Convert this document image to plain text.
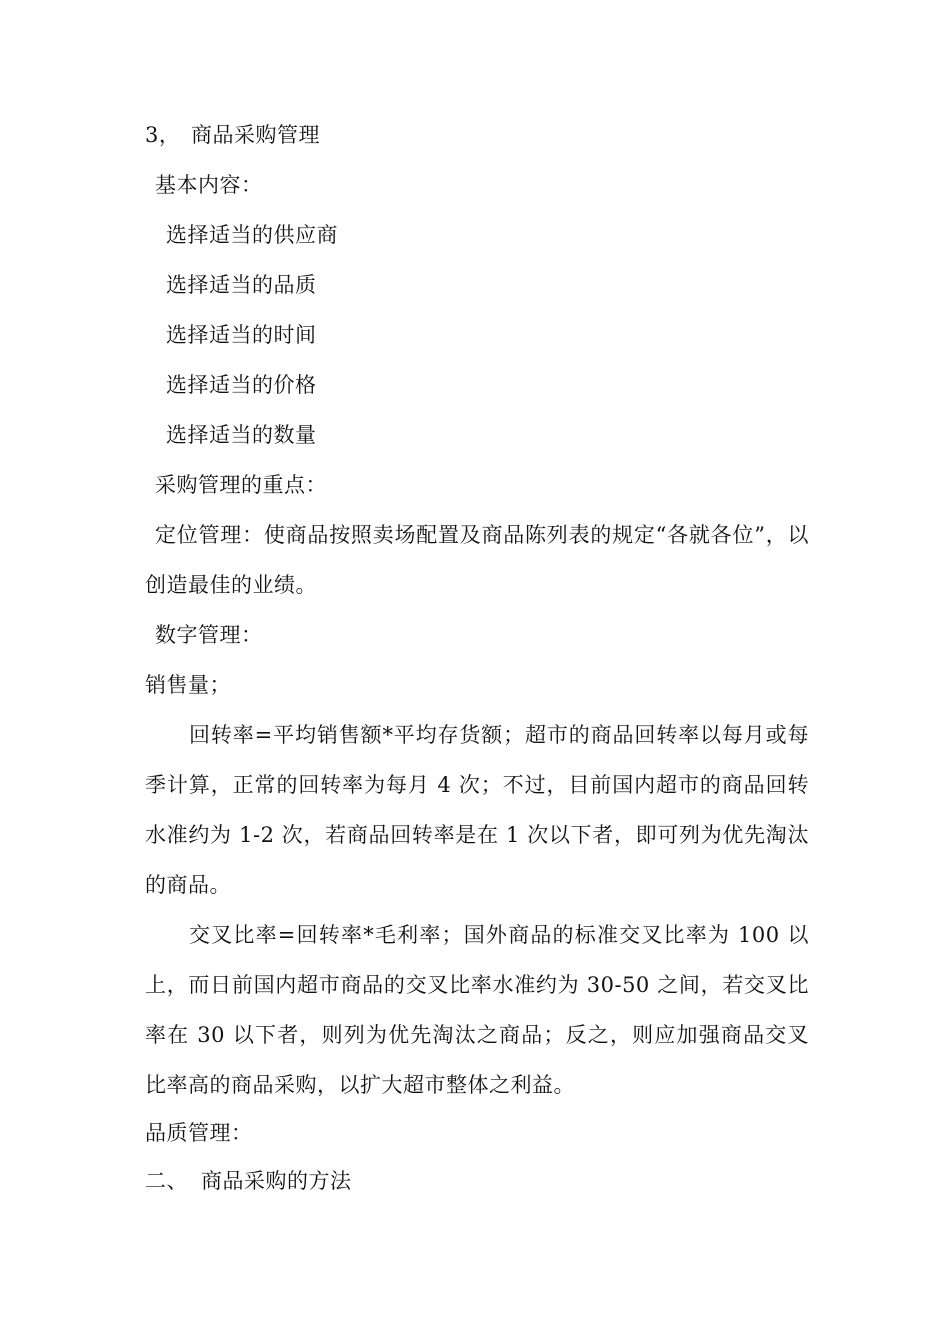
3， 商品采购管理
基本内容：
选择适当的供应商
选择适当的品质
选择适当的时间
选择适当的价格
选择适当的数量
采购管理的重点：
定位管理：使商品按照卖场配置及商品陈列表的规定“各就各位”，以创造最佳的业绩。
数字管理：
销售量；
回转率=平均销售额*平均存货额；超市的商品回转率以每月或每季计算，正常的回转率为每月 4 次；不过，目前国内超市的商品回转水准约为 1-2 次，若商品回转率是在 1 次以下者，即可列为优先淘汰的商品。
交叉比率=回转率*毛利率；国外商品的标准交叉比率为 100 以上，而日前国内超市商品的交叉比率水准约为 30-50 之间，若交叉比率在 30 以下者，则列为优先淘汰之商品；反之，则应加强商品交叉比率高的商品采购，以扩大超市整体之利益。
品质管理：
二、 商品采购的方法
